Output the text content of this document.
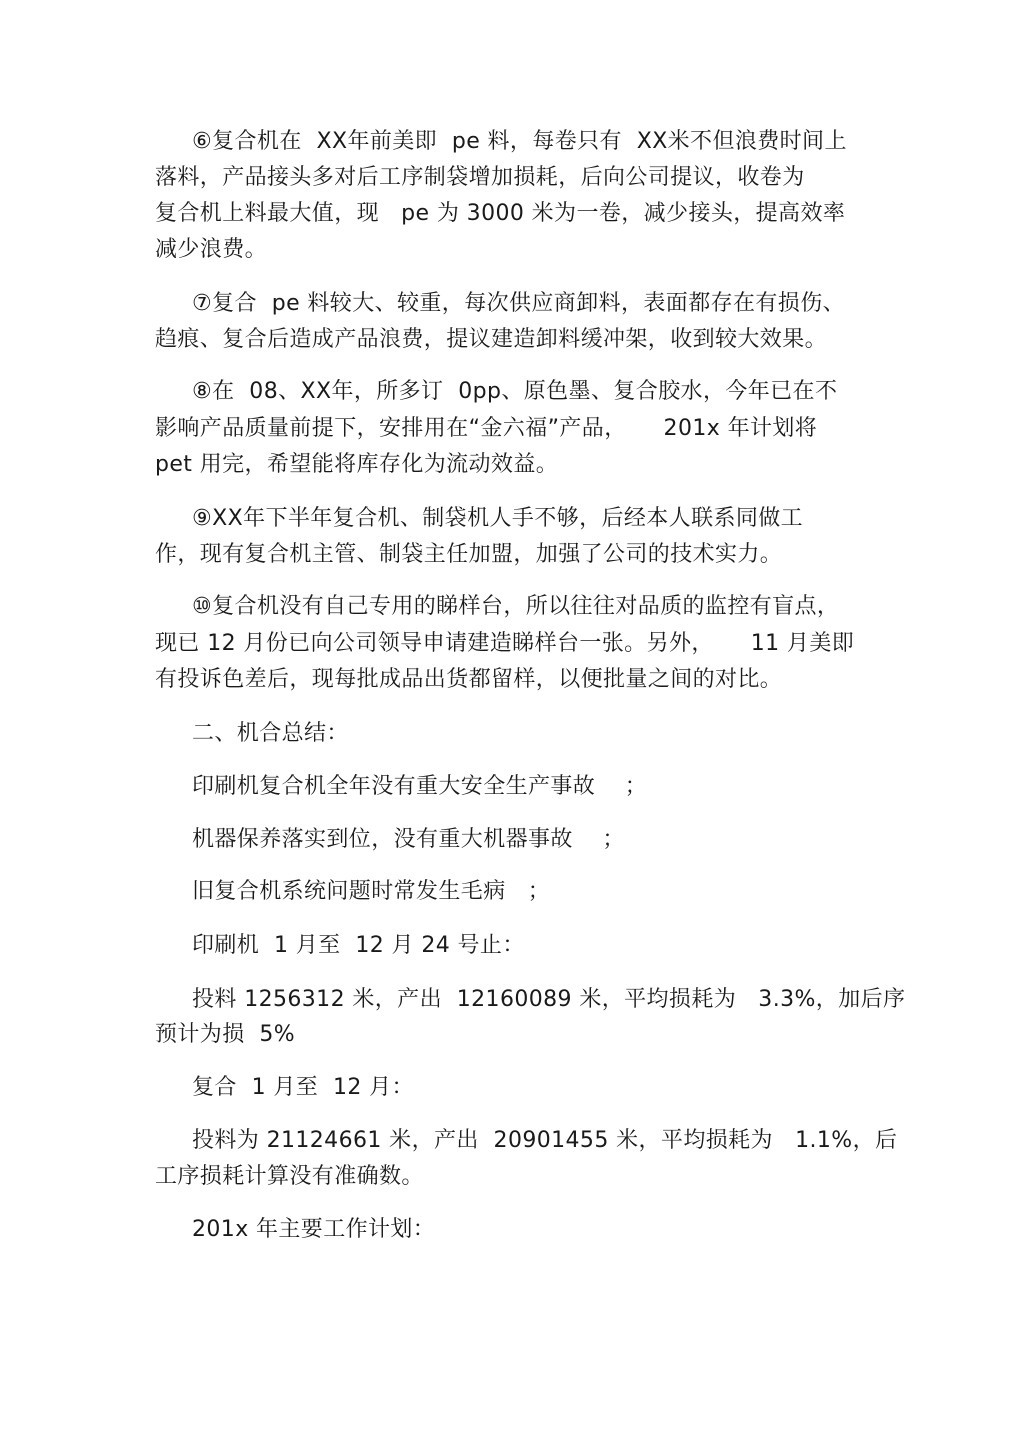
⑥复合机在  XX年前美即  pe 料，每卷只有  XX米不但浪费时间上
落料，产品接头多对后工序制袋增加损耗，后向公司提议，收卷为
复合机上料最大值，现   pe 为 3000 米为一卷，减少接头，提高效率
减少浪费。
⑦复合  pe 料较大、较重，每次供应商卸料，表面都存在有损伤、
趋痕、复合后造成产品浪费，提议建造卸料缓冲架，收到较大效果。
⑧在  08、XX年，所多订  0pp、原色墨、复合胶水，今年已在不
影响产品质量前提下，安排用在“金六福”产品，     201x 年计划将
pet 用完，希望能将库存化为流动效益。
⑨XX年下半年复合机、制袋机人手不够，后经本人联系同做工
作，现有复合机主管、制袋主任加盟，加强了公司的技术实力。
⑩复合机没有自己专用的睇样台，所以往往对品质的监控有盲点，
现已 12 月份已向公司领导申请建造睇样台一张。另外，     11 月美即
有投诉色差后，现每批成品出货都留样，以便批量之间的对比。
二、机合总结：
印刷机复合机全年没有重大安全生产事故    ；
机器保养落实到位，没有重大机器事故    ；
旧复合机系统问题时常发生毛病   ；
印刷机  1 月至  12 月 24 号止：
投料 1256312 米，产出  12160089 米，平均损耗为   3.3%，加后序
预计为损  5%
复合  1 月至  12 月：
投料为 21124661 米，产出  20901455 米，平均损耗为   1.1%，后
工序损耗计算没有准确数。
201x 年主要工作计划：
